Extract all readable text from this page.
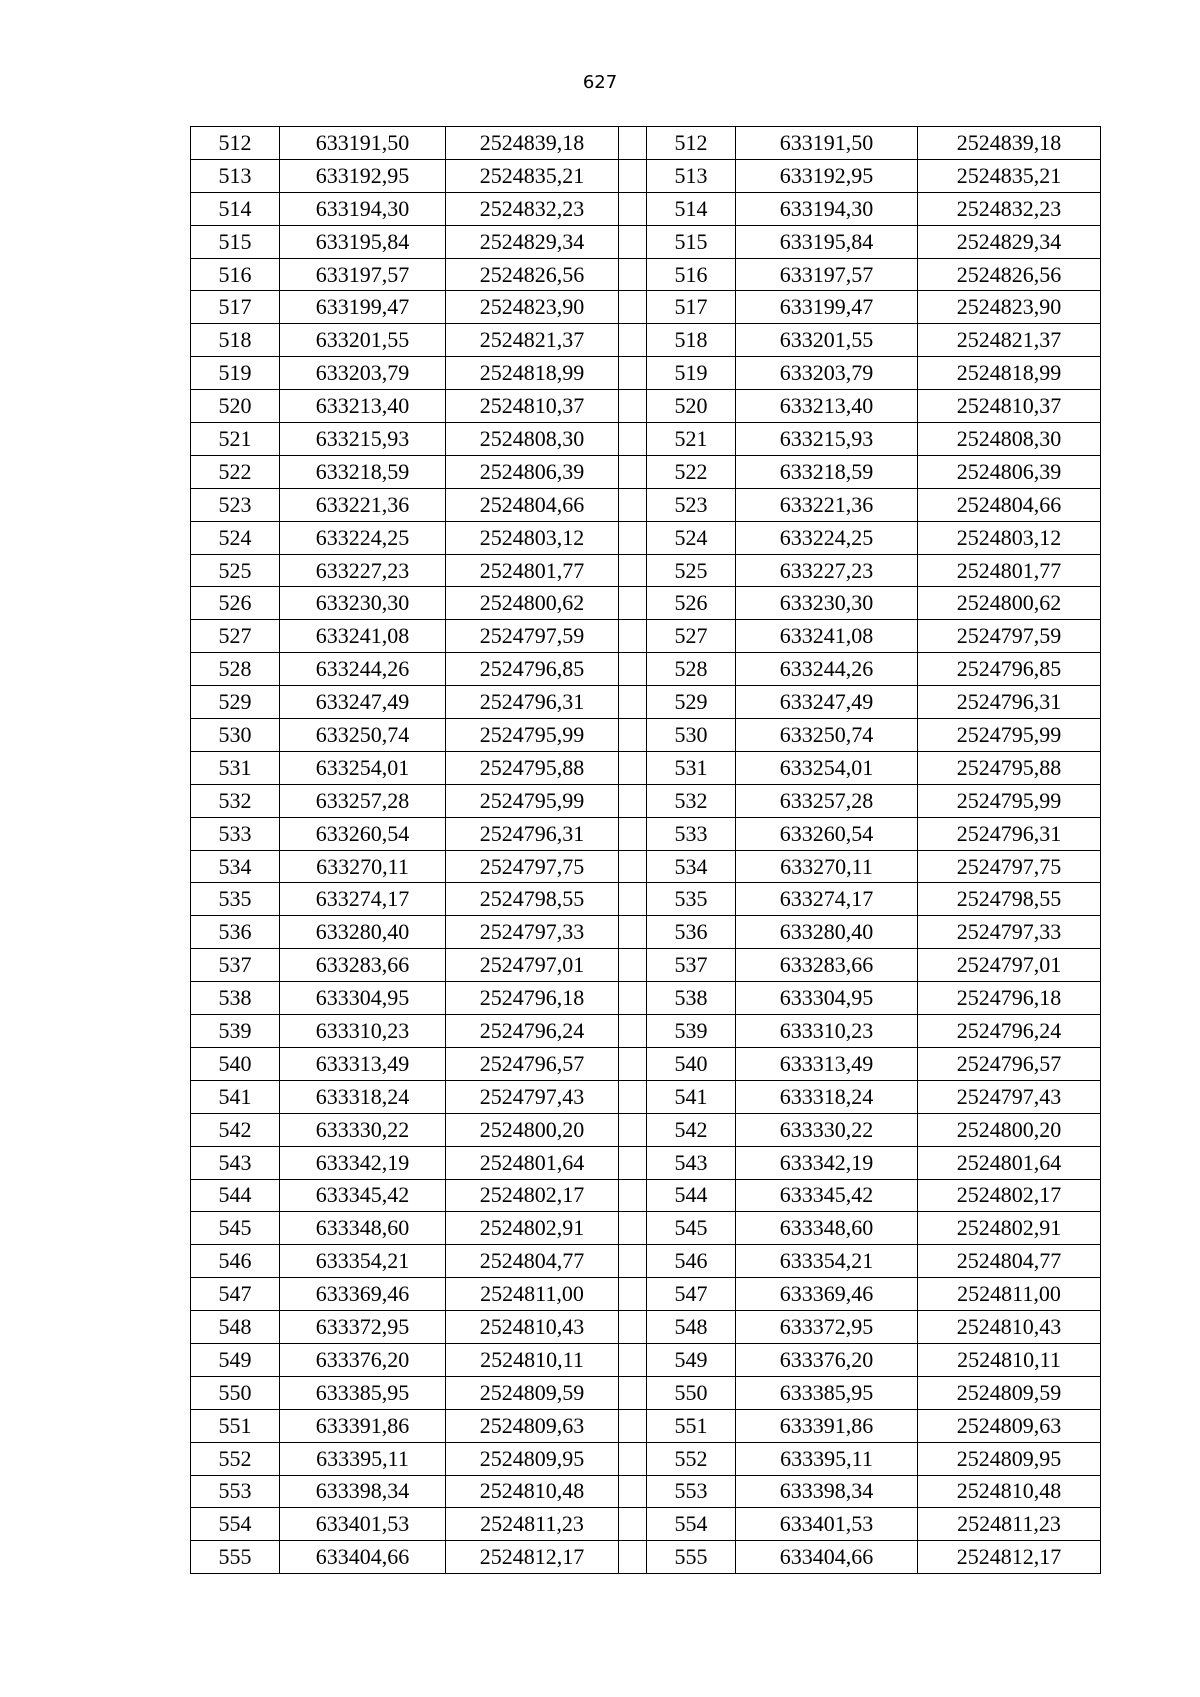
627
512	633191,50	2524839,18		512	633191,50	2524839,18
513	633192,95	2524835,21		513	633192,95	2524835,21
514	633194,30	2524832,23		514	633194,30	2524832,23
515	633195,84	2524829,34		515	633195,84	2524829,34
516	633197,57	2524826,56		516	633197,57	2524826,56
517	633199,47	2524823,90		517	633199,47	2524823,90
518	633201,55	2524821,37		518	633201,55	2524821,37
519	633203,79	2524818,99		519	633203,79	2524818,99
520	633213,40	2524810,37		520	633213,40	2524810,37
521	633215,93	2524808,30		521	633215,93	2524808,30
522	633218,59	2524806,39		522	633218,59	2524806,39
523	633221,36	2524804,66		523	633221,36	2524804,66
524	633224,25	2524803,12		524	633224,25	2524803,12
525	633227,23	2524801,77		525	633227,23	2524801,77
526	633230,30	2524800,62		526	633230,30	2524800,62
527	633241,08	2524797,59		527	633241,08	2524797,59
528	633244,26	2524796,85		528	633244,26	2524796,85
529	633247,49	2524796,31		529	633247,49	2524796,31
530	633250,74	2524795,99		530	633250,74	2524795,99
531	633254,01	2524795,88		531	633254,01	2524795,88
532	633257,28	2524795,99		532	633257,28	2524795,99
533	633260,54	2524796,31		533	633260,54	2524796,31
534	633270,11	2524797,75		534	633270,11	2524797,75
535	633274,17	2524798,55		535	633274,17	2524798,55
536	633280,40	2524797,33		536	633280,40	2524797,33
537	633283,66	2524797,01		537	633283,66	2524797,01
538	633304,95	2524796,18		538	633304,95	2524796,18
539	633310,23	2524796,24		539	633310,23	2524796,24
540	633313,49	2524796,57		540	633313,49	2524796,57
541	633318,24	2524797,43		541	633318,24	2524797,43
542	633330,22	2524800,20		542	633330,22	2524800,20
543	633342,19	2524801,64		543	633342,19	2524801,64
544	633345,42	2524802,17		544	633345,42	2524802,17
545	633348,60	2524802,91		545	633348,60	2524802,91
546	633354,21	2524804,77		546	633354,21	2524804,77
547	633369,46	2524811,00		547	633369,46	2524811,00
548	633372,95	2524810,43		548	633372,95	2524810,43
549	633376,20	2524810,11		549	633376,20	2524810,11
550	633385,95	2524809,59		550	633385,95	2524809,59
551	633391,86	2524809,63		551	633391,86	2524809,63
552	633395,11	2524809,95		552	633395,11	2524809,95
553	633398,34	2524810,48		553	633398,34	2524810,48
554	633401,53	2524811,23		554	633401,53	2524811,23
555	633404,66	2524812,17		555	633404,66	2524812,17
